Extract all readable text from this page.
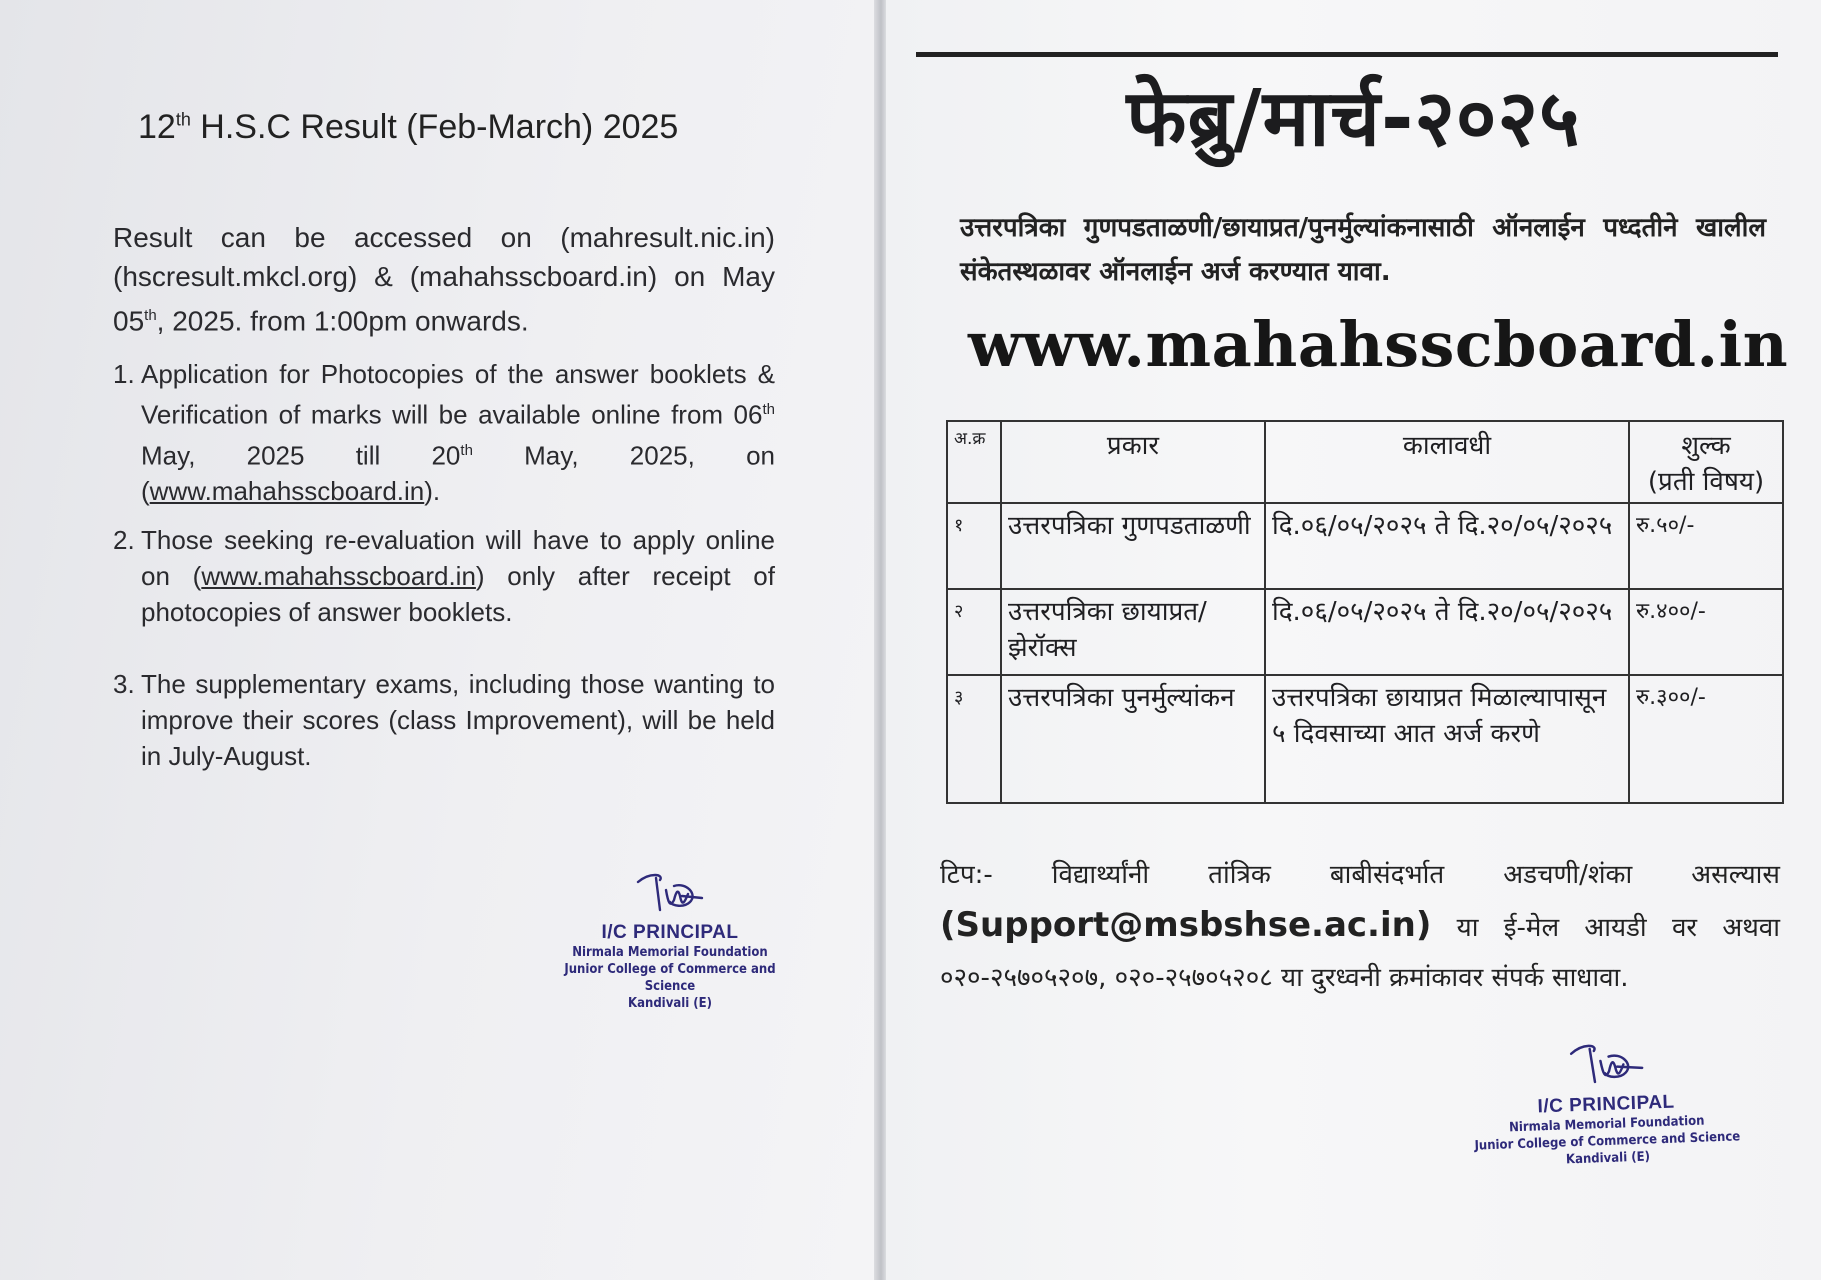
12th H.S.C Result (Feb-March) 2025
Result can be accessed on (mahresult.nic.in) (hscresult.mkcl.org) & (mahahsscboard.in) on May 05th, 2025. from 1:00pm onwards.
1. Application for Photocopies of the answer booklets & Verification of marks will be available online from 06th May, 2025 till 20th May, 2025, on (www.mahahsscboard.in).
2. Those seeking re-evaluation will have to apply online on (www.mahahsscboard.in) only after receipt of photocopies of answer booklets.
3. The supplementary exams, including those wanting to improve their scores (class Improvement), will be held in July-August.
I/C PRINCIPAL
Nirmala Memorial Foundation
Junior College of Commerce and Science
Kandivali (E)
फेब्रु/मार्च-२०२५
उत्तरपत्रिका गुणपडताळणी/छायाप्रत/पुनर्मुल्यांकनासाठी ऑनलाईन पध्दतीने खालील संकेतस्थळावर ऑनलाईन अर्ज करण्यात यावा.
www.mahahsscboard.in
अ.क्र	प्रकार	कालावधी	शुल्क
(प्रती विषय)
१	उत्तरपत्रिका गुणपडताळणी	दि.०६/०५/२०२५ ते दि.२०/०५/२०२५	रु.५०/-
२	उत्तरपत्रिका छायाप्रत/ झेरॉक्स	दि.०६/०५/२०२५ ते दि.२०/०५/२०२५	रु.४००/-
३	उत्तरपत्रिका पुनर्मुल्यांकन	उत्तरपत्रिका छायाप्रत मिळाल्यापासून ५ दिवसाच्या आत अर्ज करणे	रु.३००/-
टिप:- विद्यार्थ्यांनी तांत्रिक बाबीसंदर्भात अडचणी/शंका असल्यास (Support@msbshse.ac.in) या ई-मेल आयडी वर अथवा ०२०-२५७०५२०७, ०२०-२५७०५२०८ या दुरध्वनी क्रमांकावर संपर्क साधावा.
I/C PRINCIPAL
Nirmala Memorial Foundation
Junior College of Commerce and Science
Kandivali (E)
